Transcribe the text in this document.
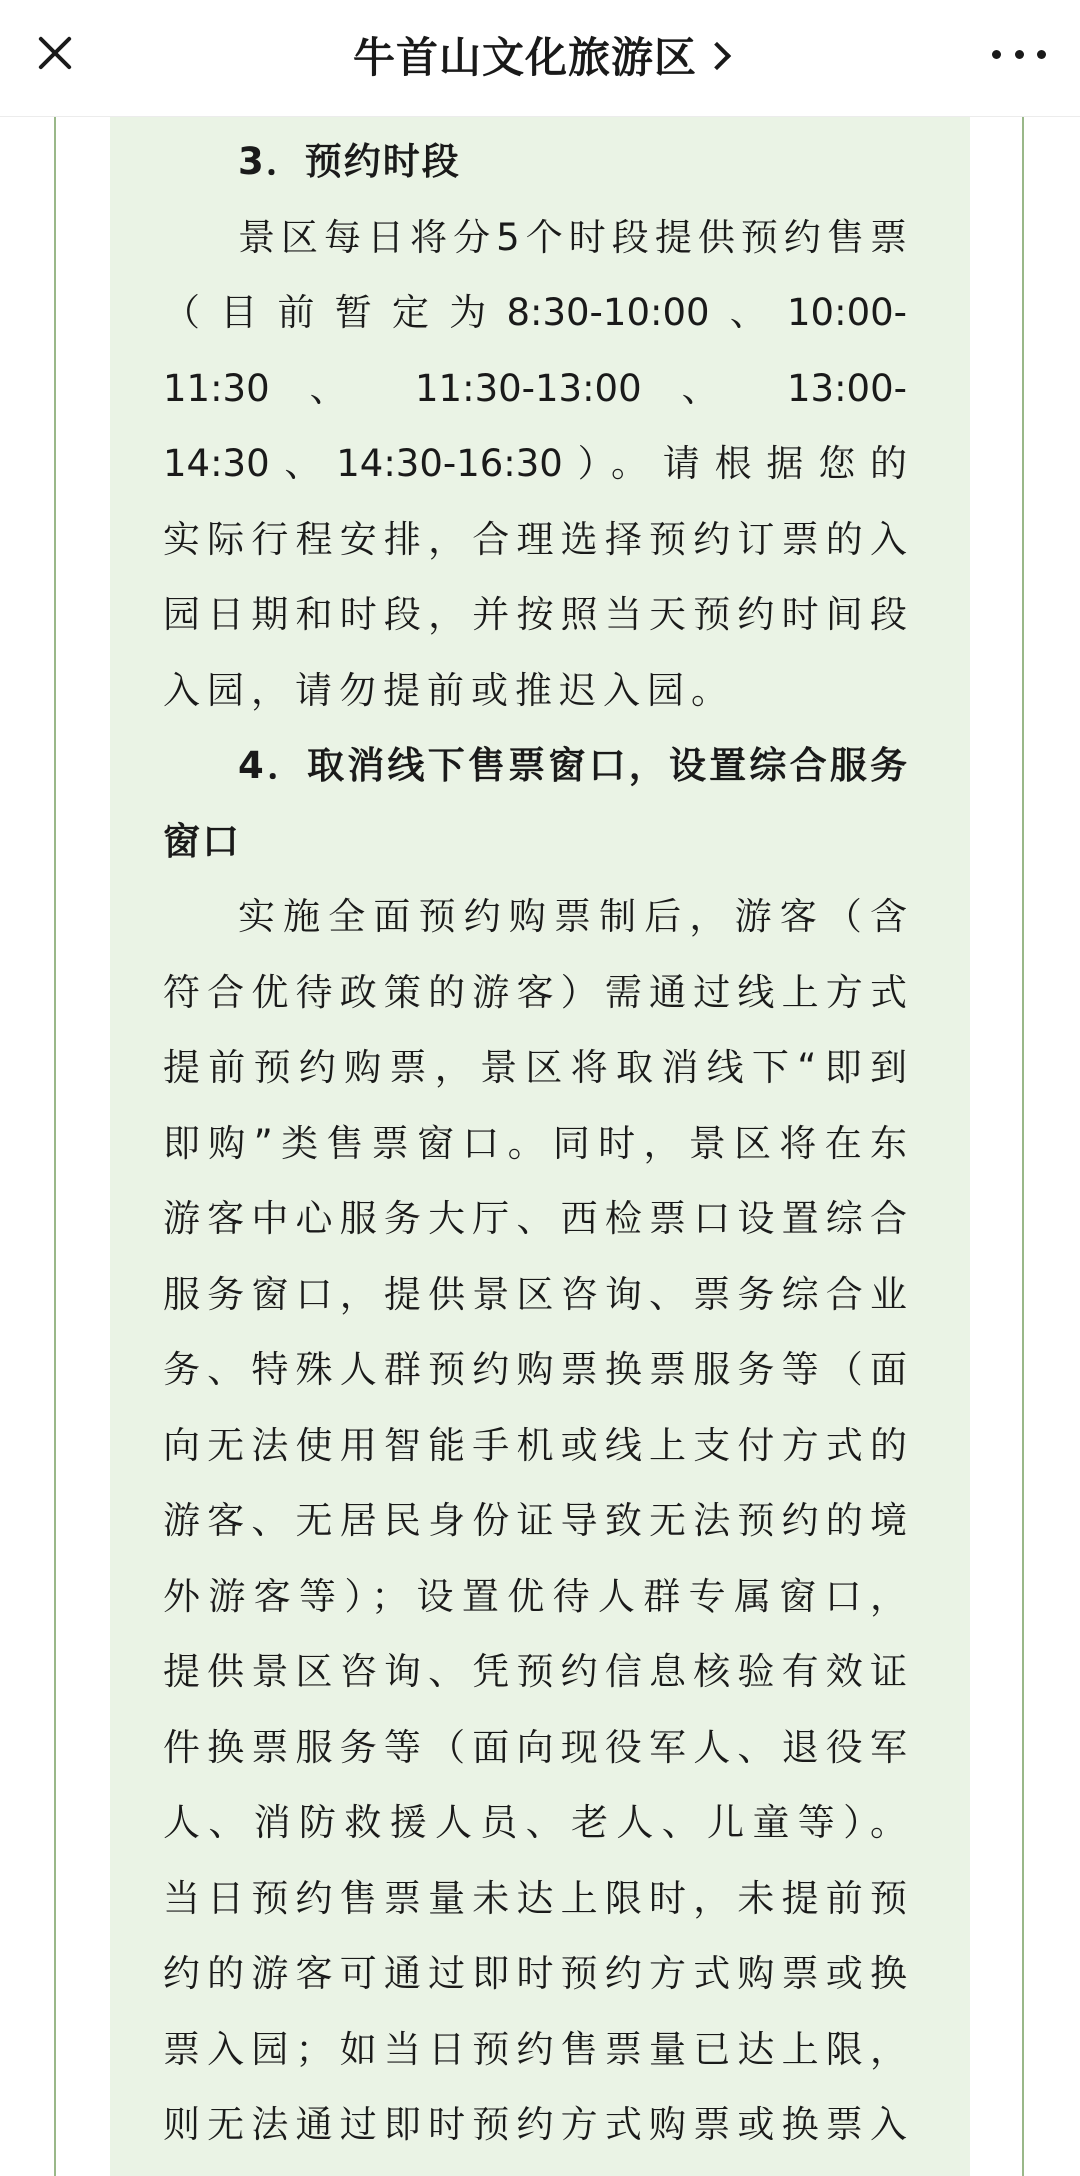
牛首山文化旅游区
3．预约时段
景区每日将分5个时段提供预约售票
（目前暂定为8:30-10:00、10:00-
11:30 、 11:30-13:00 、 13:00-
14:30、14:30-16:30）。请根据您的
实际行程安排，合理选择预约订票的入
园日期和时段，并按照当天预约时间段
入园，请勿提前或推迟入园。
4．取消线下售票窗口，设置综合服务
窗口
实施全面预约购票制后，游客（含
符合优待政策的游客）需通过线上方式
提前预约购票，景区将取消线下“即到
即购”类售票窗口。同时，景区将在东
游客中心服务大厅、西检票口设置综合
服务窗口，提供景区咨询、票务综合业
务、特殊人群预约购票换票服务等（面
向无法使用智能手机或线上支付方式的
游客、无居民身份证导致无法预约的境
外游客等）；设置优待人群专属窗口，
提供景区咨询、凭预约信息核验有效证
件换票服务等（面向现役军人、退役军
人、消防救援人员、老人、儿童等）。
当日预约售票量未达上限时，未提前预
约的游客可通过即时预约方式购票或换
票入园；如当日预约售票量已达上限，
则无法通过即时预约方式购票或换票入
